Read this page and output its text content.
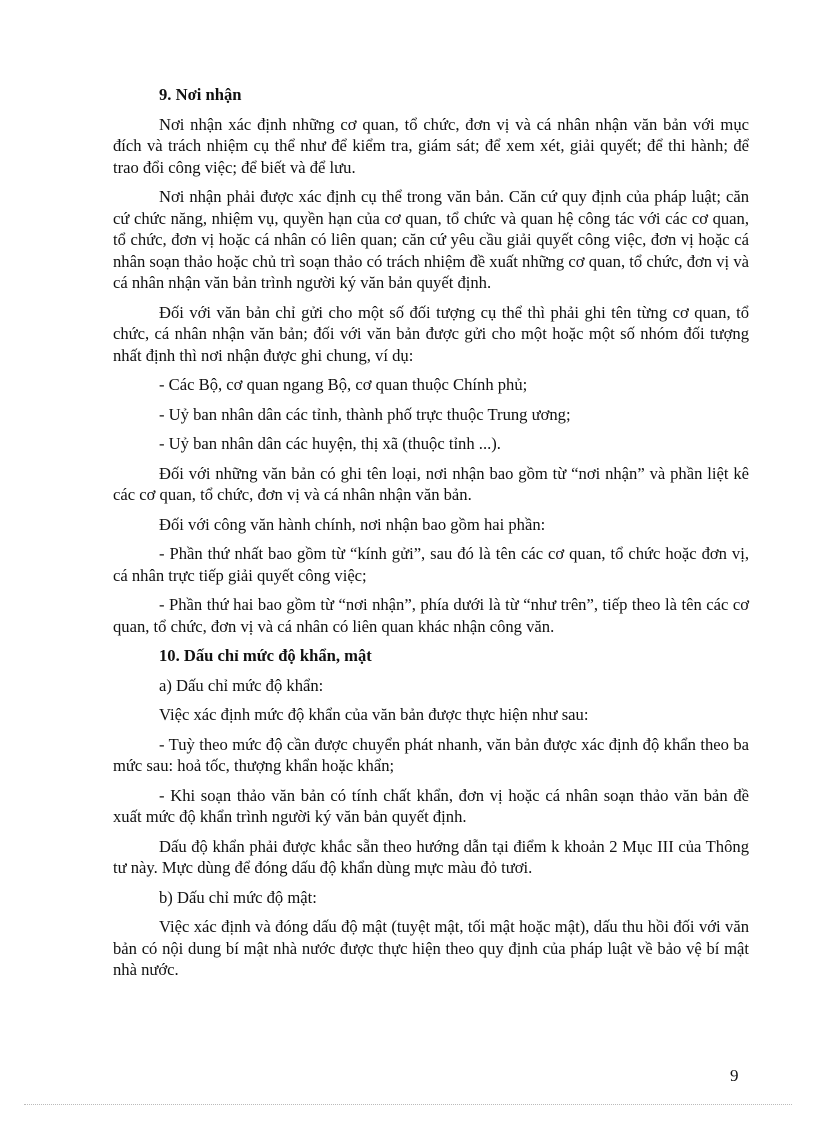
9. Nơi nhận

Nơi nhận xác định những cơ quan, tổ chức, đơn vị và cá nhân nhận văn bản với mục đích và trách nhiệm cụ thể như để kiểm tra, giám sát; để xem xét, giải quyết; để thi hành; để trao đổi công việc; để biết và để lưu.

Nơi nhận phải được xác định cụ thể trong văn bản. Căn cứ quy định của pháp luật; căn cứ chức năng, nhiệm vụ, quyền hạn của cơ quan, tổ chức và quan hệ công tác với các cơ quan, tổ chức, đơn vị hoặc cá nhân có liên quan; căn cứ yêu cầu giải quyết công việc, đơn vị hoặc cá nhân soạn thảo hoặc chủ trì soạn thảo có trách nhiệm đề xuất những cơ quan, tổ chức, đơn vị và cá nhân nhận văn bản trình người ký văn bản quyết định.

Đối với văn bản chỉ gửi cho một số đối tượng cụ thể thì phải ghi tên từng cơ quan, tổ chức, cá nhân nhận văn bản; đối với văn bản được gửi cho một hoặc một số nhóm đối tượng nhất định thì nơi nhận được ghi chung, ví dụ:

- Các Bộ, cơ quan ngang Bộ, cơ quan thuộc Chính phủ;

- Uỷ ban nhân dân các tỉnh, thành phố trực thuộc Trung ương;

- Uỷ ban nhân dân các huyện, thị xã (thuộc tỉnh ...).

Đối với những văn bản có ghi tên loại, nơi nhận bao gồm từ “nơi nhận” và phần liệt kê các cơ quan, tổ chức, đơn vị và cá nhân nhận văn bản.

Đối với công văn hành chính, nơi nhận bao gồm hai phần:

- Phần thứ nhất bao gồm từ “kính gửi”, sau đó là tên các cơ quan, tổ chức hoặc đơn vị, cá nhân trực tiếp giải quyết công việc;

- Phần thứ hai bao gồm từ “nơi nhận”, phía dưới là từ “như trên”, tiếp theo là tên các cơ quan, tổ chức, đơn vị và cá nhân có liên quan khác nhận công văn.

10. Dấu chỉ mức độ khẩn, mật

a) Dấu chỉ mức độ khẩn:

Việc xác định mức độ khẩn của văn bản được thực hiện như sau:

- Tuỳ theo mức độ cần được chuyển phát nhanh, văn bản được xác định độ khẩn theo ba mức sau: hoả tốc, thượng khẩn hoặc khẩn;

- Khi soạn thảo văn bản có tính chất khẩn, đơn vị hoặc cá nhân soạn thảo văn bản đề xuất mức độ khẩn trình người ký văn bản quyết định.

Dấu độ khẩn phải được khắc sẵn theo hướng dẫn tại điểm k khoản 2 Mục III của Thông tư này. Mực dùng để đóng dấu độ khẩn dùng mực màu đỏ tươi.

b) Dấu chỉ mức độ mật:

Việc xác định và đóng dấu độ mật (tuyệt mật, tối mật hoặc mật), dấu thu hồi đối với văn bản có nội dung bí mật nhà nước được thực hiện theo quy định của pháp luật về bảo vệ bí mật nhà nước.

9
